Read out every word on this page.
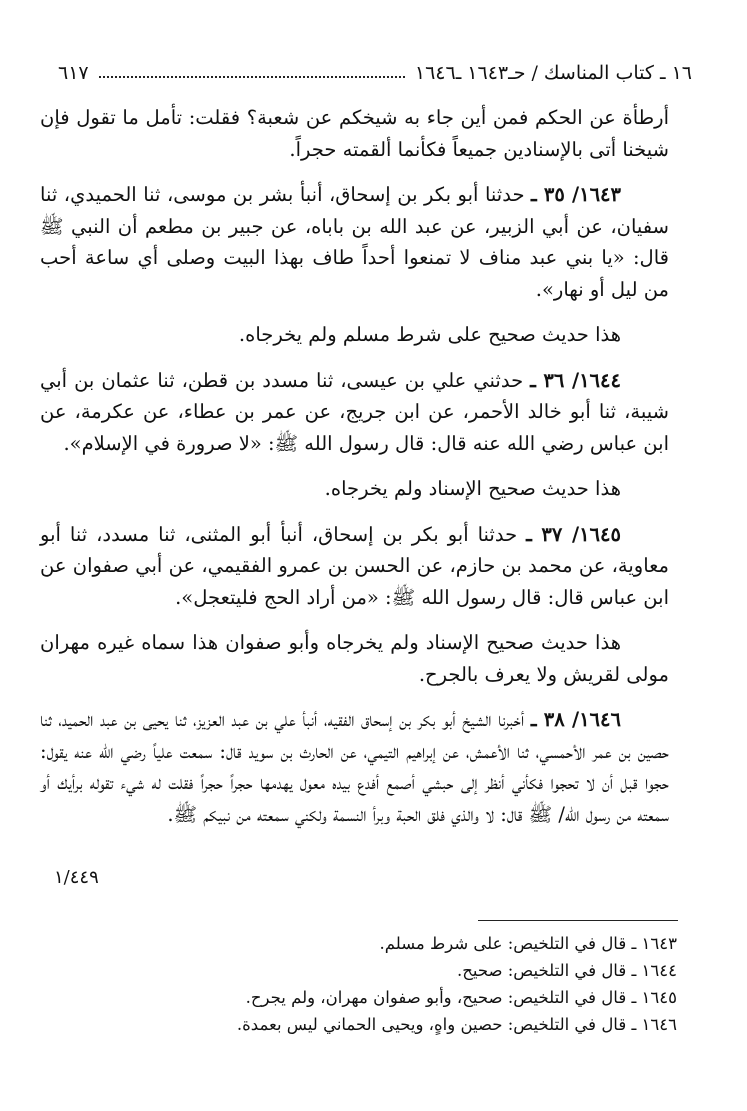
١٦ ـ كتاب المناسك / حـ١٦٤٣ ـ١٦٤٦
٦١٧

أرطأة عن الحكم فمن أين جاء به شيخكم عن شعبة؟ فقلت: تأمل ما تقول فإن شيخنا أتى بالإسنادين جميعاً فكأنما ألقمته حجراً.

١٦٤٣/ ٣٥ ـ حدثنا أبو بكر بن إسحاق، أنبأ بشر بن موسى، ثنا الحميدي، ثنا سفيان، عن أبي الزبير، عن عبد الله بن باباه، عن جبير بن مطعم أن النبي ﷺ قال: «يا بني عبد مناف لا تمنعوا أحداً طاف بهذا البيت وصلى أي ساعة أحب من ليل أو نهار».

هذا حديث صحيح على شرط مسلم ولم يخرجاه.

١٦٤٤/ ٣٦ ـ حدثني علي بن عيسى، ثنا مسدد بن قطن، ثنا عثمان بن أبي شيبة، ثنا أبو خالد الأحمر، عن ابن جريج، عن عمر بن عطاء، عن عكرمة، عن ابن عباس رضي الله عنه قال: قال رسول الله ﷺ: «لا صرورة في الإسلام».

هذا حديث صحيح الإسناد ولم يخرجاه.

١٦٤٥/ ٣٧ ـ حدثنا أبو بكر بن إسحاق، أنبأ أبو المثنى، ثنا مسدد، ثنا أبو معاوية، عن محمد بن حازم، عن الحسن بن عمرو الفقيمي، عن أبي صفوان عن ابن عباس قال: قال رسول الله ﷺ: «من أراد الحج فليتعجل».

هذا حديث صحيح الإسناد ولم يخرجاه وأبو صفوان هذا سماه غيره مهران مولى لقريش ولا يعرف بالجرح.

١٦٤٦/ ٣٨ ـ أخبرنا الشيخ أبو بكر بن إسحاق الفقيه، أنبأ علي بن عبد العزيز، ثنا يحيى بن عبد الحميد، ثنا حصين بن عمر الأحمسي، ثنا الأعمش، عن إبراهيم التيمي، عن الحارث بن سويد قال: سمعت علياً رضي الله عنه يقول: حجوا قبل أن لا تحجوا فكأني أنظر إلى حبشي أصمع أفدع بيده معول يهدمها حجراً حجراً فقلت له شيء تقوله برأيك أو سمعته من رسول الله/ ﷺ قال: لا والذي فلق الحبة وبرأ النسمة ولكني سمعته من نبيكم ﷺ.
١/٤٤٩

١٦٤٣ ـ قال في التلخيص: على شرط مسلم.

١٦٤٤ ـ قال في التلخيص: صحيح.

١٦٤٥ ـ قال في التلخيص: صحيح، وأبو صفوان مهران، ولم يجرح.

١٦٤٦ ـ قال في التلخيص: حصين واهٍ، ويحيى الحماني ليس بعمدة.
